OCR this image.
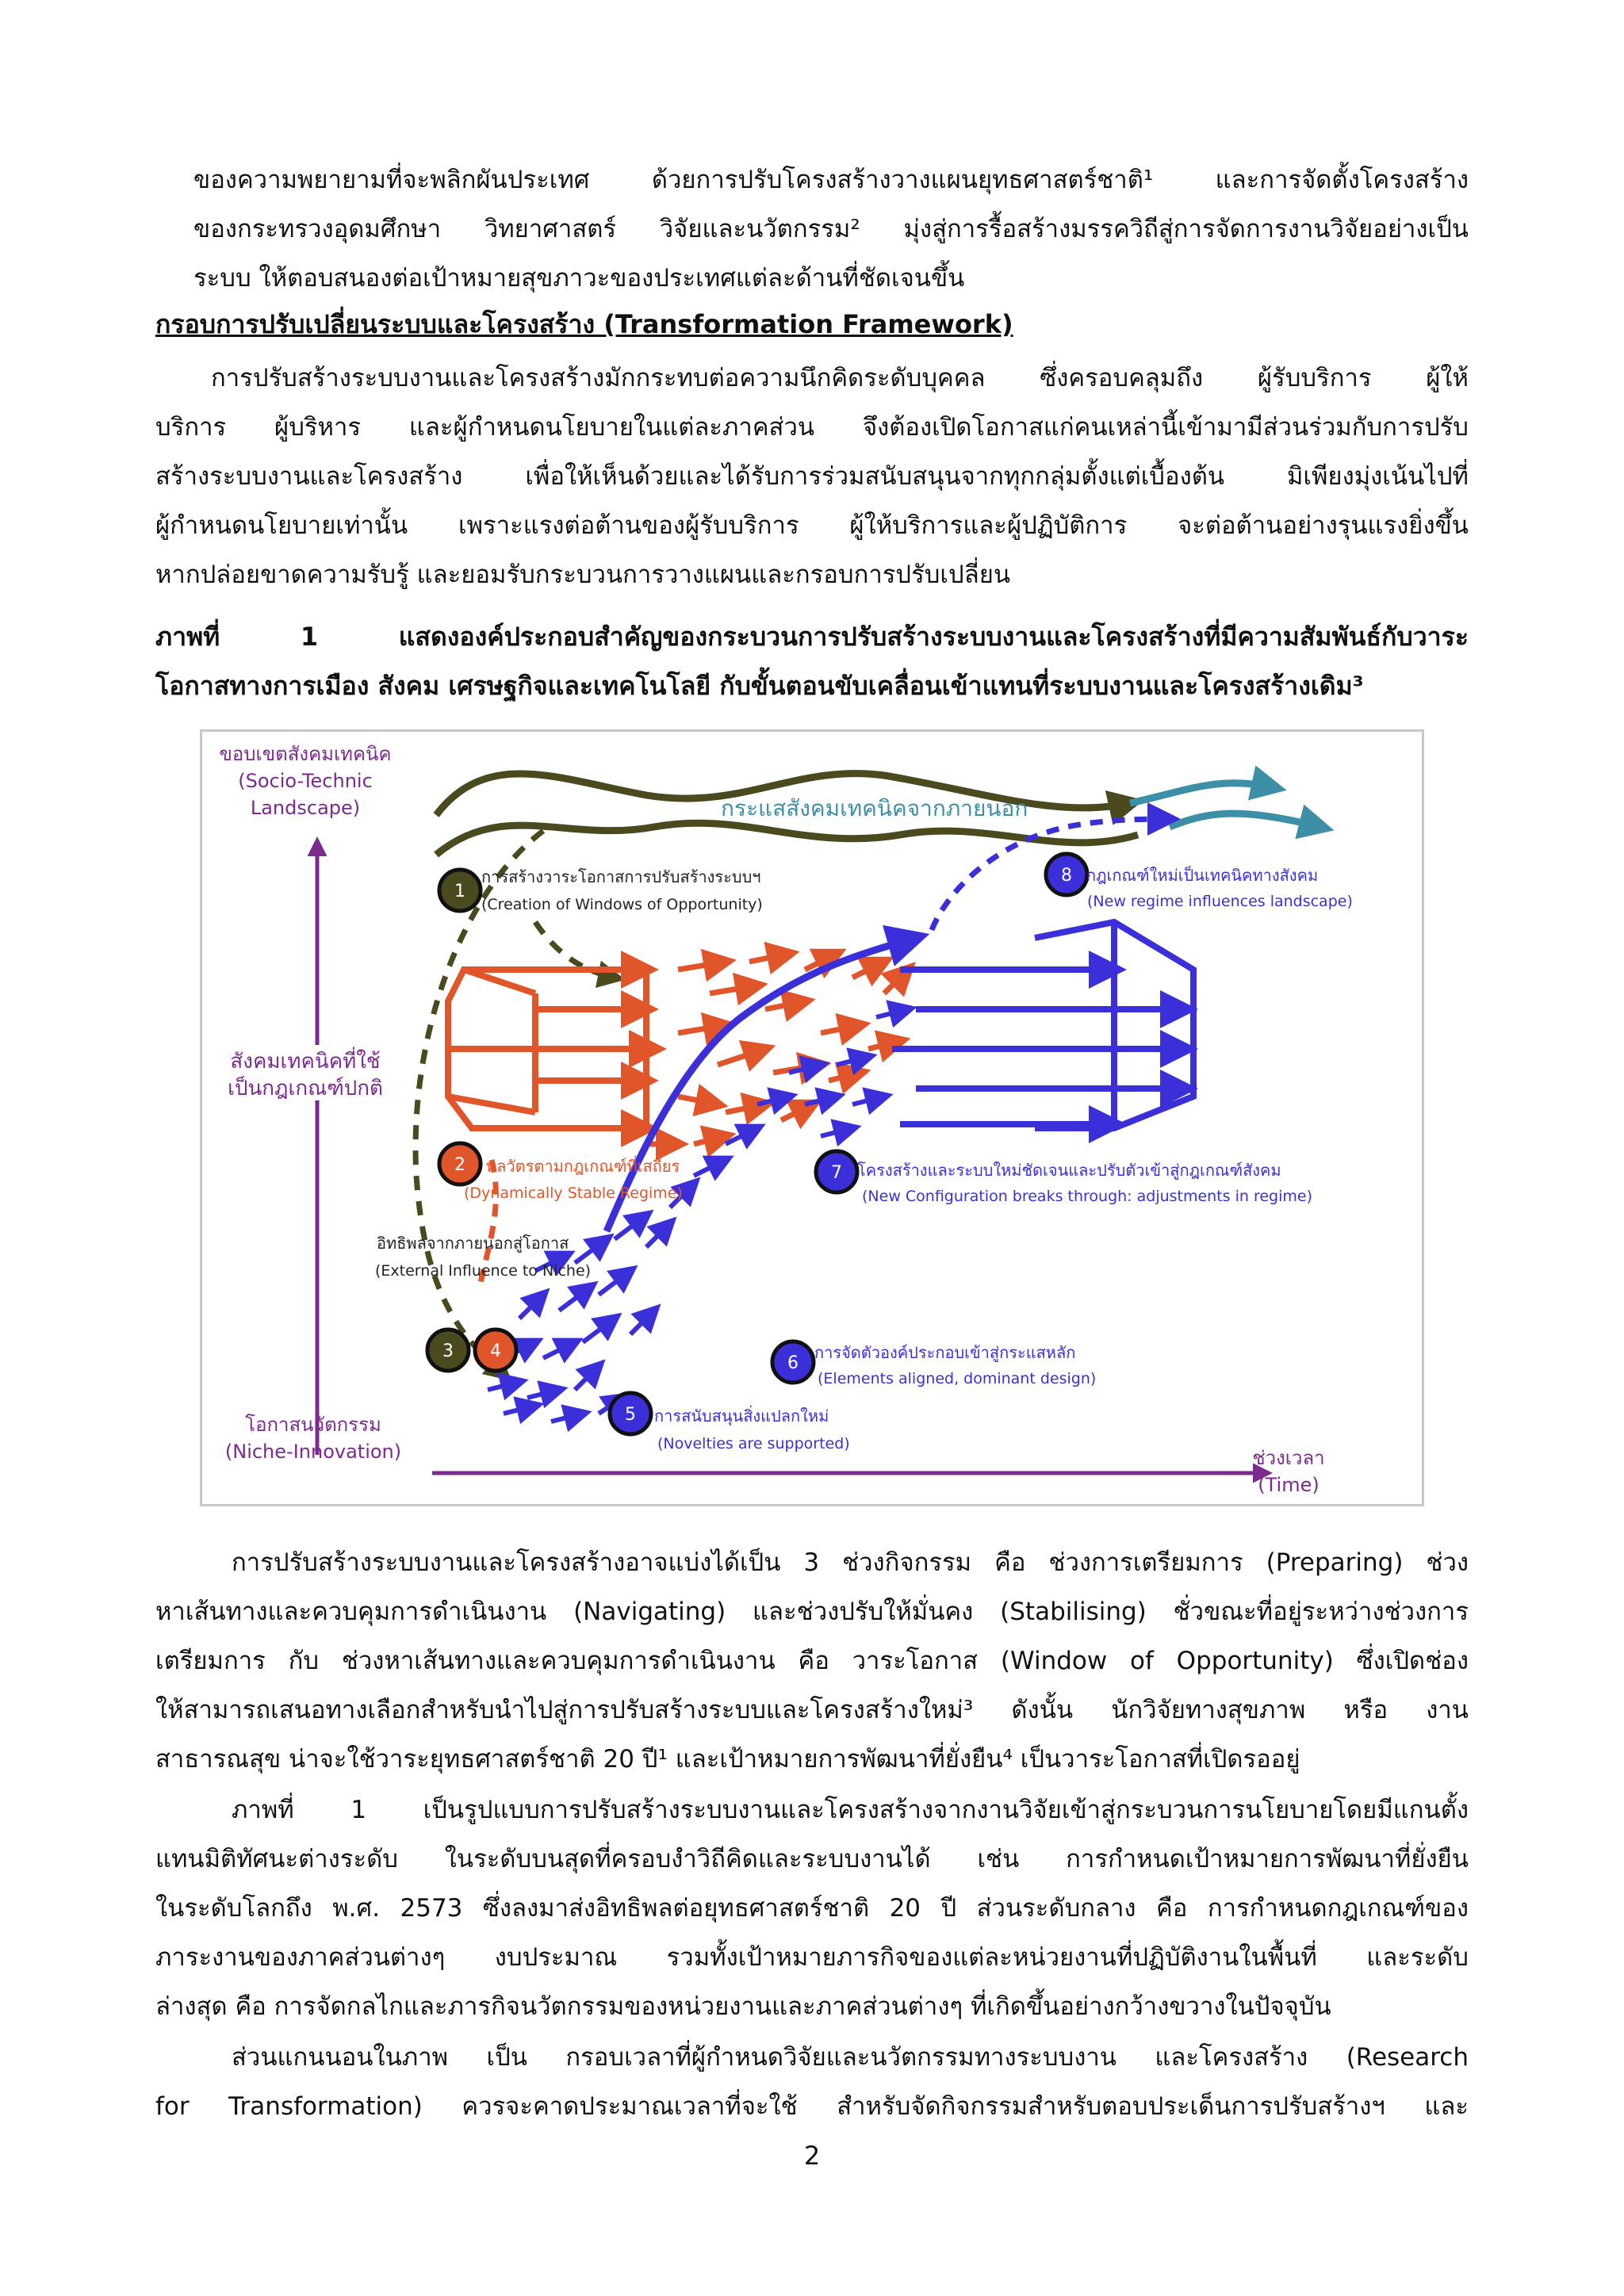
ของความพยายามที่จะพลิกผันประเทศ ด้วยการปรับโครงสร้างวางแผนยุทธศาสตร์ชาติ¹ และการจัดตั้งโครงสร้าง
ของกระทรวงอุดมศึกษา วิทยาศาสตร์ วิจัยและนวัตกรรม² มุ่งสู่การรื้อสร้างมรรควิถีสู่การจัดการงานวิจัยอย่างเป็น
ระบบ ให้ตอบสนองต่อเป้าหมายสุขภาวะของประเทศแต่ละด้านที่ชัดเจนขึ้น
กรอบการปรับเปลี่ยนระบบและโครงสร้าง (Transformation Framework)
การปรับสร้างระบบงานและโครงสร้างมักกระทบต่อความนึกคิดระดับบุคคล ซึ่งครอบคลุมถึง ผู้รับบริการ ผู้ให้
บริการ ผู้บริหาร และผู้กำหนดนโยบายในแต่ละภาคส่วน จึงต้องเปิดโอกาสแก่คนเหล่านี้เข้ามามีส่วนร่วมกับการปรับ
สร้างระบบงานและโครงสร้าง เพื่อให้เห็นด้วยและได้รับการร่วมสนับสนุนจากทุกกลุ่มตั้งแต่เบื้องต้น มิเพียงมุ่งเน้นไปที่
ผู้กำหนดนโยบายเท่านั้น เพราะแรงต่อต้านของผู้รับบริการ ผู้ให้บริการและผู้ปฏิบัติการ จะต่อต้านอย่างรุนแรงยิ่งขึ้น
หากปล่อยขาดความรับรู้ และยอมรับกระบวนการวางแผนและกรอบการปรับเปลี่ยน
ภาพที่ 1 แสดงองค์ประกอบสำคัญของกระบวนการปรับสร้างระบบงานและโครงสร้างที่มีความสัมพันธ์กับวาระ
โอกาสทางการเมือง สังคม เศรษฐกิจและเทคโนโลยี กับขั้นตอนขับเคลื่อนเข้าแทนที่ระบบงานและโครงสร้างเดิม³
ขอบเขตสังคมเทคนิค
(Socio-Technic
Landscape)
สังคมเทคนิคที่ใช้
เป็นกฎเกณฑ์ปกติ
โอกาสนวัตกรรม
(Niche-Innovation)	ช่วงเวลา
(Time)
กระแสสังคมเทคนิคจากภายนอก
1
การสร้างวาระโอกาสการปรับสร้างระบบฯ
(Creation of Windows of Opportunity)
2 พลวัตรตามกฎเกณฑ์ที่เสถียร
(Dynamically Stable Regime)
3
อิทธิพลจากภายนอกสู่โอกาส
(External Influence to Niche)
4
5 การสนับสนุนสิ่งแปลกใหม่
(Novelties are supported)
6
การจัดตัวองค์ประกอบเข้าสู่กระแสหลัก
(Elements aligned, dominant design)
7 โครงสร้างและระบบใหม่ชัดเจนและปรับตัวเข้าสู่กฎเกณฑ์สังคม
(New Configuration breaks through: adjustments in regime)
8 กฎเกณฑ์ใหม่เป็นเทคนิคทางสังคม
(New regime influences landscape)
การปรับสร้างระบบงานและโครงสร้างอาจแบ่งได้เป็น 3 ช่วงกิจกรรม คือ ช่วงการเตรียมการ (Preparing) ช่วง
หาเส้นทางและควบคุมการดำเนินงาน (Navigating) และช่วงปรับให้มั่นคง (Stabilising) ชั่วขณะที่อยู่ระหว่างช่วงการ
เตรียมการ กับ ช่วงหาเส้นทางและควบคุมการดำเนินงาน คือ วาระโอกาส (Window of Opportunity) ซึ่งเปิดช่อง
ให้สามารถเสนอทางเลือกสำหรับนำไปสู่การปรับสร้างระบบและโครงสร้างใหม่³ ดังนั้น นักวิจัยทางสุขภาพ หรือ งาน
สาธารณสุข น่าจะใช้วาระยุทธศาสตร์ชาติ 20 ปี¹ และเป้าหมายการพัฒนาที่ยั่งยืน⁴ เป็นวาระโอกาสที่เปิดรออยู่
ภาพที่ 1 เป็นรูปแบบการปรับสร้างระบบงานและโครงสร้างจากงานวิจัยเข้าสู่กระบวนการนโยบายโดยมีแกนตั้ง
แทนมิติทัศนะต่างระดับ ในระดับบนสุดที่ครอบงำวิถีคิดและระบบงานได้ เช่น การกำหนดเป้าหมายการพัฒนาที่ยั่งยืน
ในระดับโลกถึง พ.ศ. 2573 ซึ่งลงมาส่งอิทธิพลต่อยุทธศาสตร์ชาติ 20 ปี ส่วนระดับกลาง คือ การกำหนดกฎเกณฑ์ของ
ภาระงานของภาคส่วนต่างๆ งบประมาณ รวมทั้งเป้าหมายภารกิจของแต่ละหน่วยงานที่ปฏิบัติงานในพื้นที่ และระดับ
ล่างสุด คือ การจัดกลไกและภารกิจนวัตกรรมของหน่วยงานและภาคส่วนต่างๆ ที่เกิดขึ้นอย่างกว้างขวางในปัจจุบัน
ส่วนแกนนอนในภาพ เป็น กรอบเวลาที่ผู้กำหนดวิจัยและนวัตกรรมทางระบบงาน และโครงสร้าง (Research
for Transformation) ควรจะคาดประมาณเวลาที่จะใช้ สำหรับจัดกิจกรรมสำหรับตอบประเด็นการปรับสร้างฯ และ
2
